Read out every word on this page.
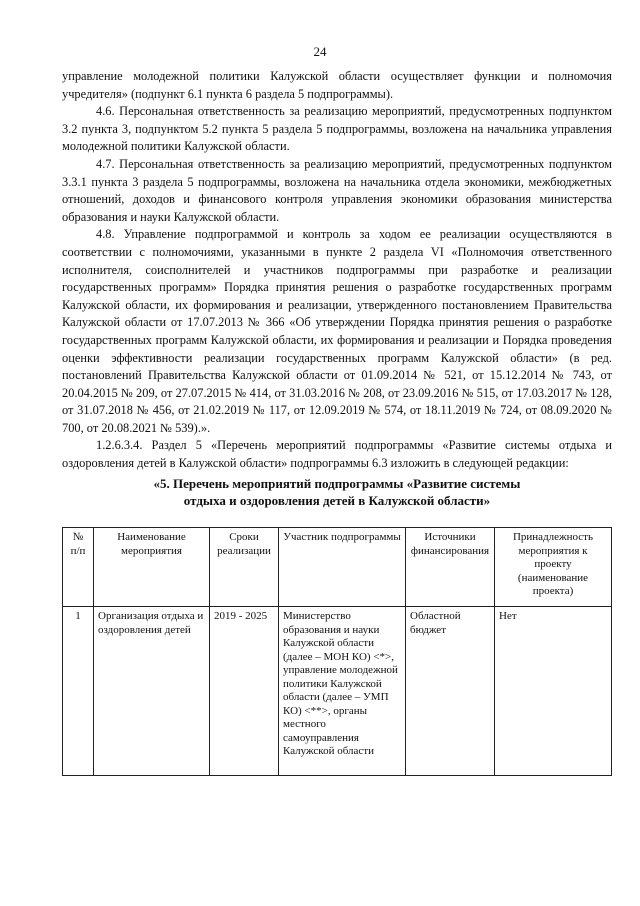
24

управление молодежной политики Калужской области осуществляет функции и полномочия учредителя» (подпункт 6.1 пункта 6 раздела 5 подпрограммы).

4.6. Персональная ответственность за реализацию мероприятий, предусмотренных подпунктом 3.2 пункта 3, подпунктом 5.2 пункта 5 раздела 5 подпрограммы, возложена на начальника управления молодежной политики Калужской области.

4.7. Персональная ответственность за реализацию мероприятий, предусмотренных подпунктом 3.3.1 пункта 3 раздела 5 подпрограммы, возложена на начальника отдела экономики, межбюджетных отношений, доходов и финансового контроля управления экономики образования министерства образования и науки Калужской области.

4.8. Управление подпрограммой и контроль за ходом ее реализации осуществляются в соответствии с полномочиями, указанными в пункте 2 раздела VI «Полномочия ответственного исполнителя, соисполнителей и участников подпрограммы при разработке и реализации государственных программ» Порядка принятия решения о разработке государственных программ Калужской области, их формирования и реализации, утвержденного постановлением Правительства Калужской области от 17.07.2013 № 366 «Об утверждении Порядка принятия решения о разработке государственных программ Калужской области, их формирования и реализации и Порядка проведения оценки эффективности реализации государственных программ Калужской области» (в ред. постановлений Правительства Калужской области от 01.09.2014 № 521, от 15.12.2014 № 743, от 20.04.2015 № 209, от 27.07.2015 № 414, от 31.03.2016 № 208, от 23.09.2016 № 515, от 17.03.2017 № 128, от 31.07.2018 № 456, от 21.02.2019 № 117, от 12.09.2019 № 574, от 18.11.2019 № 724, от 08.09.2020 № 700, от 20.08.2021 № 539).».

1.2.6.3.4. Раздел 5 «Перечень мероприятий подпрограммы «Развитие системы отдыха и оздоровления детей в Калужской области» подпрограммы 6.3 изложить в следующей редакции:

«5. Перечень мероприятий подпрограммы «Развитие системы
отдыха и оздоровления детей в Калужской области»
№ п/п	Наименование мероприятия	Сроки реализации	Участник подпрограммы	Источники финансирования	Принадлежность мероприятия к проекту (наименование проекта)
1	Организация отдыха и оздоровления детей	2019 - 2025	Министерство образования и науки Калужской области (далее – МОН КО) <*>, управление молодежной политики Калужской области (далее – УМП КО) <**>, органы местного самоуправления Калужской области	Областной бюджет	Нет
